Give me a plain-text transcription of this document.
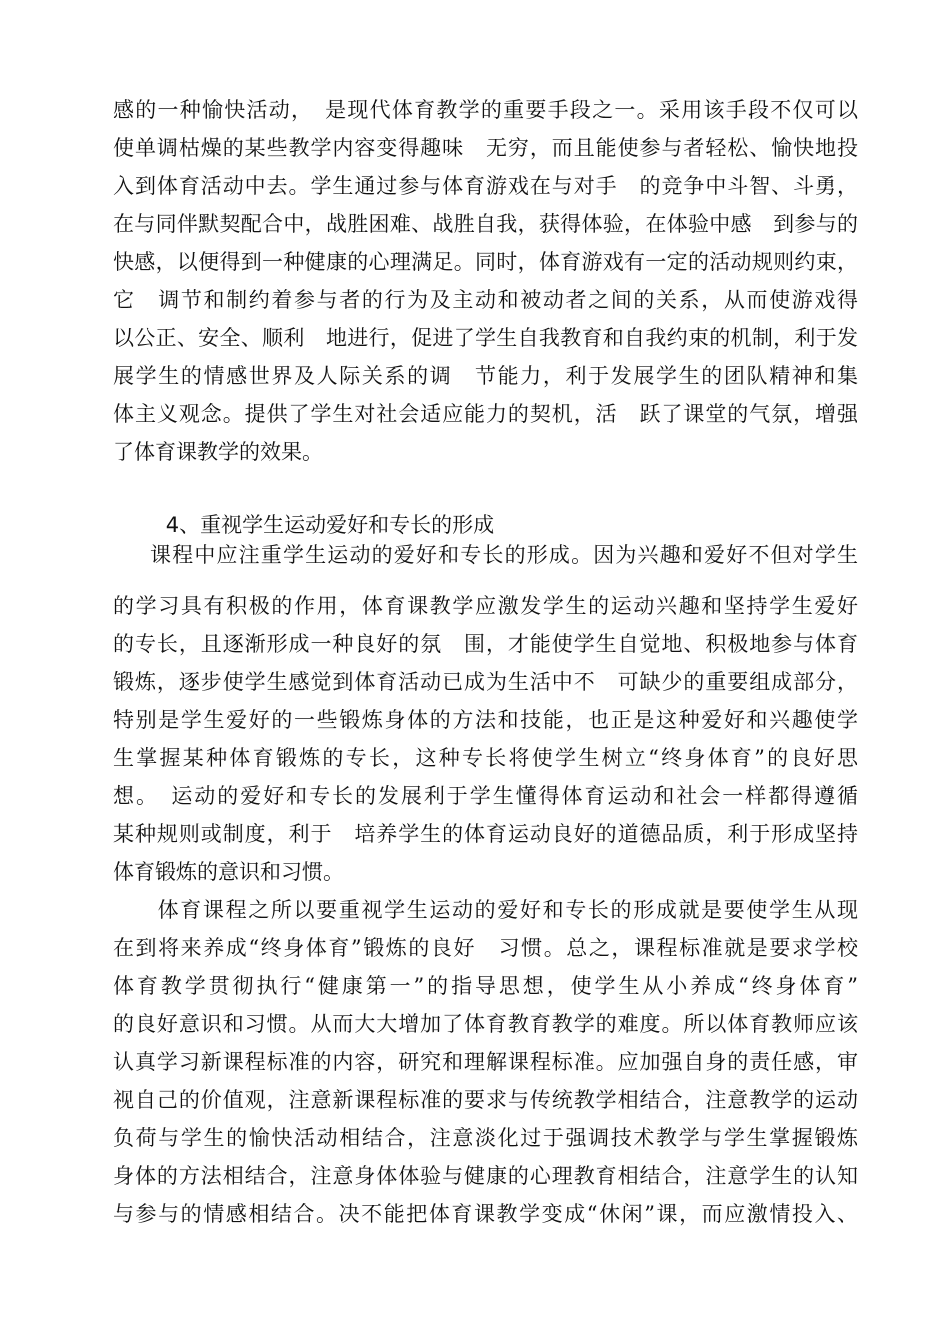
感的一种愉快活动，　是现代体育教学的重要手段之一。采用该手段不仅可以
使单调枯燥的某些教学内容变得趣味　无穷，而且能使参与者轻松、愉快地投
入到体育活动中去。学生通过参与体育游戏在与对手　的竞争中斗智、斗勇，
在与同伴默契配合中，战胜困难、战胜自我，获得体验，在体验中感　到参与的
快感，以便得到一种健康的心理满足。同时，体育游戏有一定的活动规则约束，
它　调节和制约着参与者的行为及主动和被动者之间的关系，从而使游戏得
以公正、安全、顺利　地进行，促进了学生自我教育和自我约束的机制，利于发
展学生的情感世界及人际关系的调　节能力，利于发展学生的团队精神和集
体主义观念。提供了学生对社会适应能力的契机，活　跃了课堂的气氛，增强
了体育课教学的效果。

4、重视学生运动爱好和专长的形成

课程中应注重学生运动的爱好和专长的形成。因为兴趣和爱好不但对学生
的学习具有积极的作用，体育课教学应激发学生的运动兴趣和坚持学生爱好
的专长，且逐渐形成一种良好的氛　围，才能使学生自觉地、积极地参与体育
锻炼，逐步使学生感觉到体育活动已成为生活中不　可缺少的重要组成部分，
特别是学生爱好的一些锻炼身体的方法和技能，也正是这种爱好和兴趣使学
生掌握某种体育锻炼的专长，这种专长将使学生树立“终身体育”的良好思
想。　运动的爱好和专长的发展利于学生懂得体育运动和社会一样都得遵循
某种规则或制度，利于　培养学生的体育运动良好的道德品质，利于形成坚持
体育锻炼的意识和习惯。
　体育课程之所以要重视学生运动的爱好和专长的形成就是要使学生从现
在到将来养成“终身体育”锻炼的良好　习惯。总之，课程标准就是要求学校
体育教学贯彻执行“健康第一”的指导思想，使学生从小养成“终身体育”
的良好意识和习惯。从而大大增加了体育教育教学的难度。所以体育教师应该
认真学习新课程标准的内容，研究和理解课程标准。应加强自身的责任感，审
视自己的价值观，注意新课程标准的要求与传统教学相结合，注意教学的运动
负荷与学生的愉快活动相结合，注意淡化过于强调技术教学与学生掌握锻炼
身体的方法相结合，注意身体体验与健康的心理教育相结合，注意学生的认知
与参与的情感相结合。决不能把体育课教学变成“休闲”课，而应激情投入、
